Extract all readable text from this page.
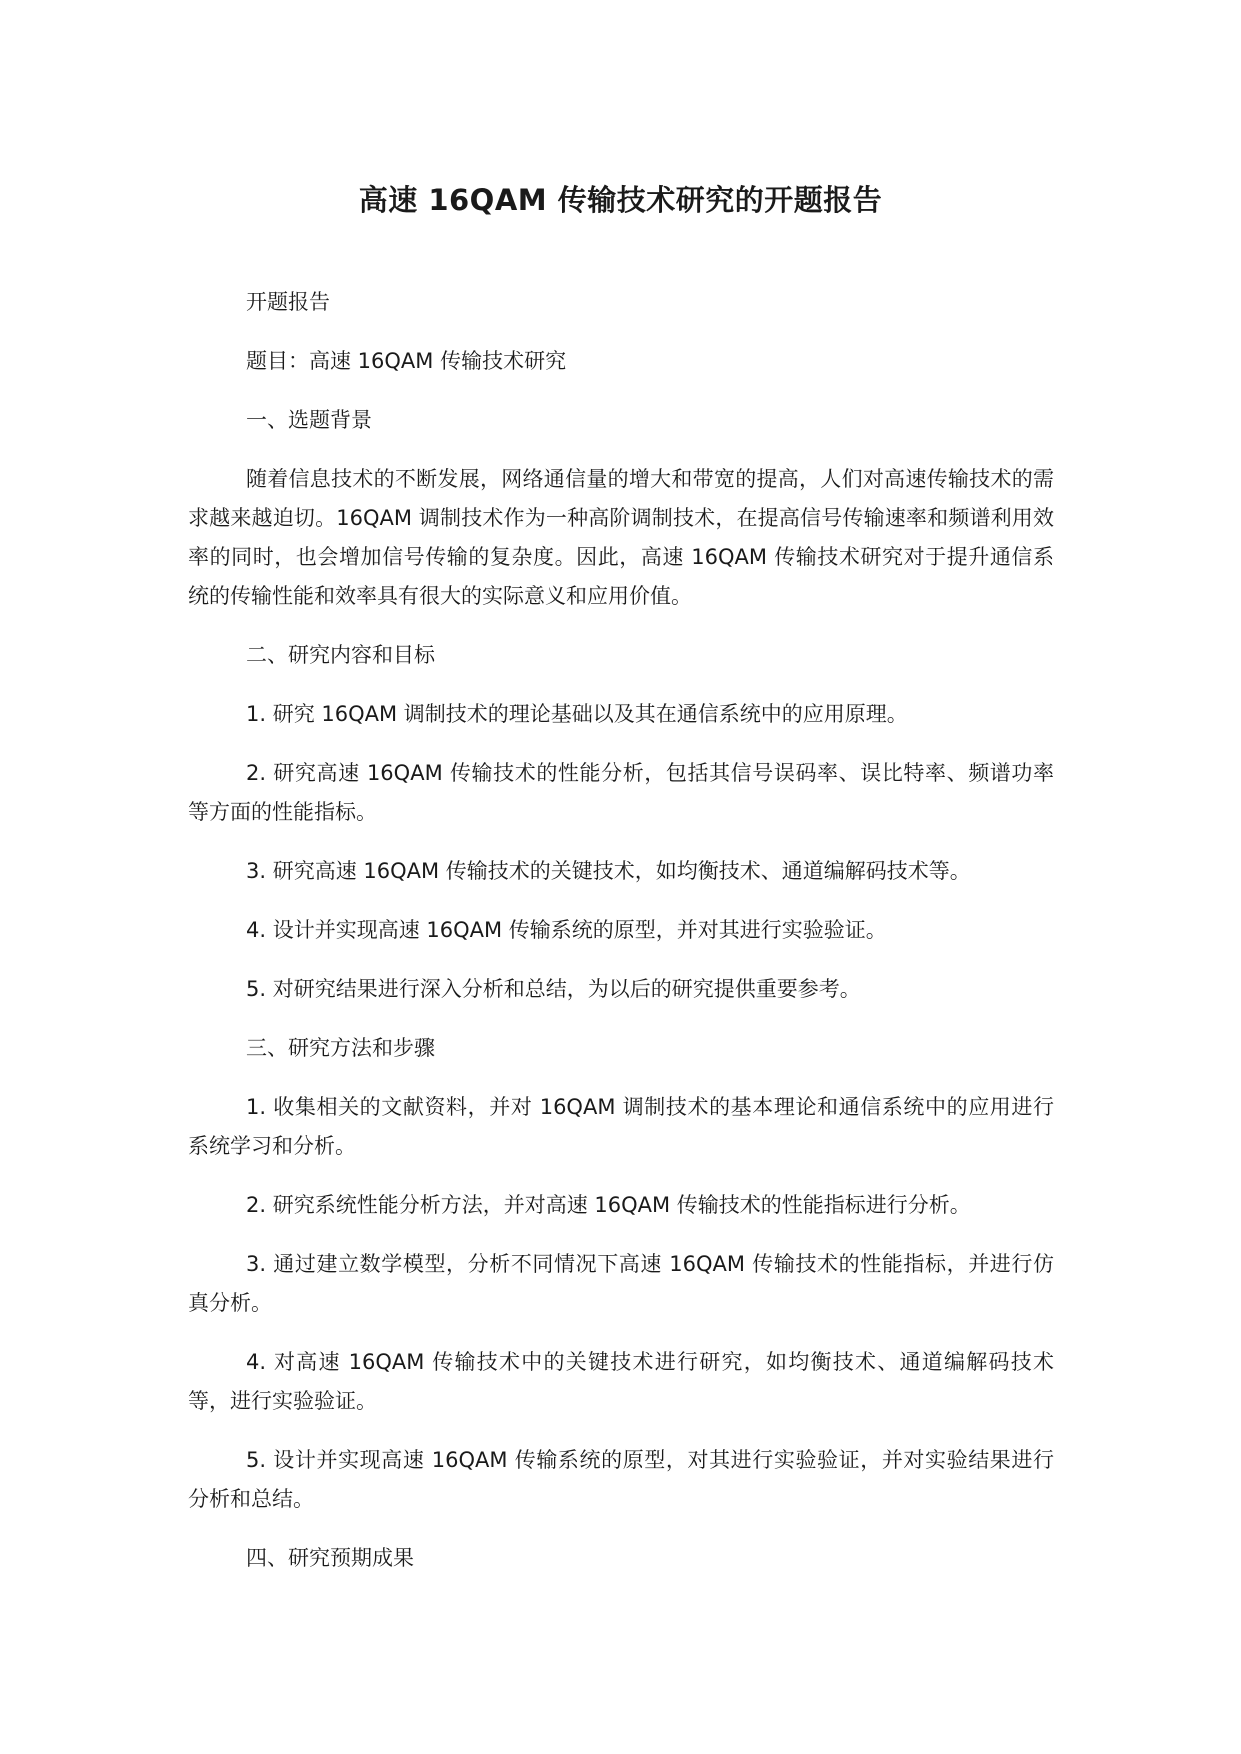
高速 16QAM 传输技术研究的开题报告

开题报告

题目：高速 16QAM 传输技术研究

一、选题背景

随着信息技术的不断发展，网络通信量的增大和带宽的提高，人们对高速传输技术的需求越来越迫切。16QAM 调制技术作为一种高阶调制技术，在提高信号传输速率和频谱利用效率的同时，也会增加信号传输的复杂度。因此，高速 16QAM 传输技术研究对于提升通信系统的传输性能和效率具有很大的实际意义和应用价值。

二、研究内容和目标

1. 研究 16QAM 调制技术的理论基础以及其在通信系统中的应用原理。

2. 研究高速 16QAM 传输技术的性能分析，包括其信号误码率、误比特率、频谱功率等方面的性能指标。

3. 研究高速 16QAM 传输技术的关键技术，如均衡技术、通道编解码技术等。

4. 设计并实现高速 16QAM 传输系统的原型，并对其进行实验验证。

5. 对研究结果进行深入分析和总结，为以后的研究提供重要参考。

三、研究方法和步骤

1. 收集相关的文献资料，并对 16QAM 调制技术的基本理论和通信系统中的应用进行系统学习和分析。

2. 研究系统性能分析方法，并对高速 16QAM 传输技术的性能指标进行分析。

3. 通过建立数学模型，分析不同情况下高速 16QAM 传输技术的性能指标，并进行仿真分析。

4. 对高速 16QAM 传输技术中的关键技术进行研究，如均衡技术、通道编解码技术等，进行实验验证。

5. 设计并实现高速 16QAM 传输系统的原型，对其进行实验验证，并对实验结果进行分析和总结。

四、研究预期成果
